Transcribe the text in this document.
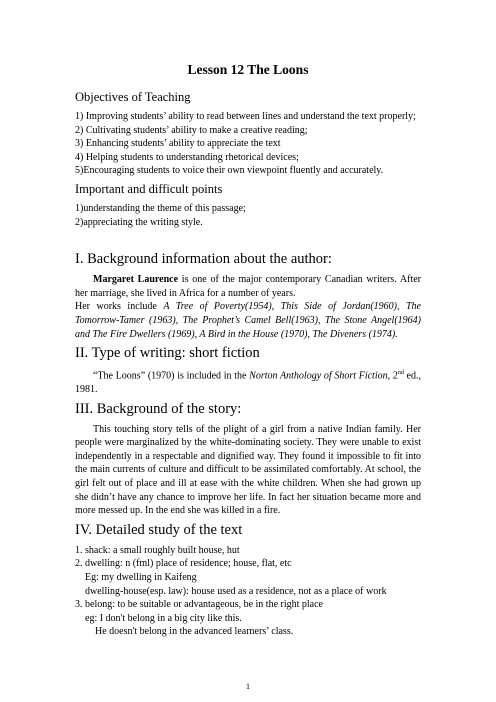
Lesson 12 The Loons
Objectives of Teaching

1) Improving students’ ability to read between lines and understand the text properly;

2) Cultivating students’ ability to make a creative reading;

3) Enhancing students’ ability to appreciate the text

4) Helping students to understanding rhetorical devices;

5)Encouraging students to voice their own viewpoint fluently and accurately.

Important and difficult points

1)understanding the theme of this passage;

2)appreciating the writing style.

I. Background information about the author:

Margaret Laurence is one of the major contemporary Canadian writers. After her marriage, she lived in Africa for a number of years.

Her works include A Tree of Poverty(1954), This Side of Jordan(1960), The Tomorrow-Tamer (1963), The Prophet’s Camel Bell(1963), The Stone Angel(1964) and The Fire Dwellers (1969), A Bird in the House (1970), The Diveners (1974).

II. Type of writing: short fiction

“The Loons” (1970) is included in the Norton Anthology of Short Fiction, 2nd ed., 1981.

III. Background of the story:

This touching story tells of the plight of a girl from a native Indian family. Her people were marginalized by the white-dominating society. They were unable to exist independently in a respectable and dignified way. They found it impossible to fit into the main currents of culture and difficult to be assimilated comfortably. At school, the girl felt out of place and ill at ease with the white children. When she had grown up she didn’t have any chance to improve her life. In fact her situation became more and more messed up. In the end she was killed in a fire.

IV. Detailed study of the text

1. shack: a small roughly built house, hut

2. dwelling: n (fml) place of residence; house, flat, etc

Eg: my dwelling in Kaifeng

dwelling-house(esp. law): house used as a residence, not as a place of work

3. belong: to be suitable or advantageous, be in the right place

eg: I don't belong in a big city like this.

He doesn't belong in the advanced learners’ class.

1
